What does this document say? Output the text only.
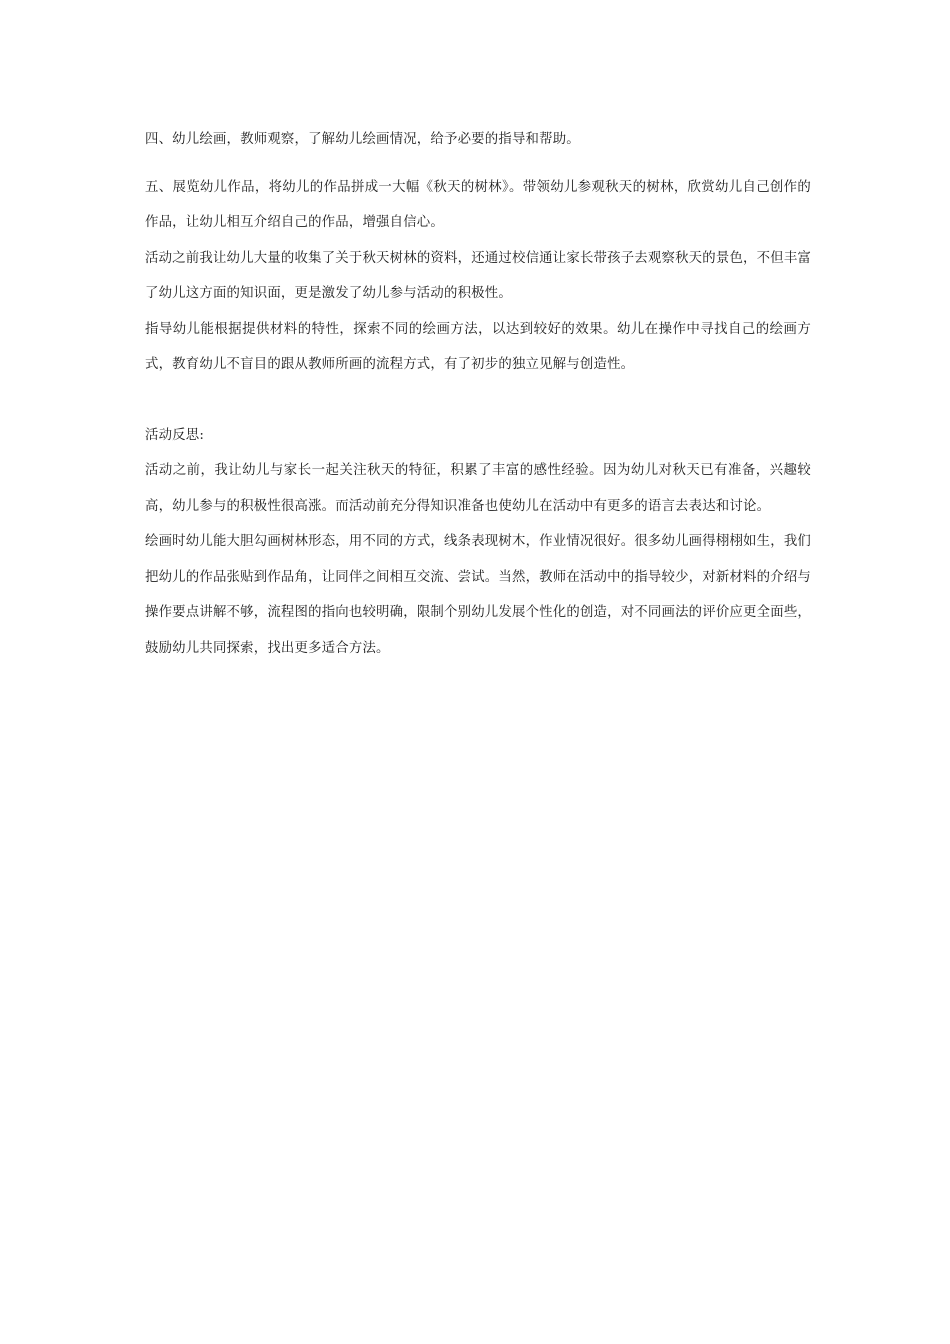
四、幼儿绘画，教师观察，了解幼儿绘画情况，给予必要的指导和帮助。

五、展览幼儿作品，将幼儿的作品拼成一大幅《秋天的树林》。带领幼儿参观秋天的树林，欣赏幼儿自己创作的作品，让幼儿相互介绍自己的作品，增强自信心。

活动之前我让幼儿大量的收集了关于秋天树林的资料，还通过校信通让家长带孩子去观察秋天的景色，不但丰富了幼儿这方面的知识面，更是激发了幼儿参与活动的积极性。

指导幼儿能根据提供材料的特性，探索不同的绘画方法，以达到较好的效果。幼儿在操作中寻找自己的绘画方式，教育幼儿不盲目的跟从教师所画的流程方式，有了初步的独立见解与创造性。

活动反思:

活动之前，我让幼儿与家长一起关注秋天的特征，积累了丰富的感性经验。因为幼儿对秋天已有准备，兴趣较高，幼儿参与的积极性很高涨。而活动前充分得知识准备也使幼儿在活动中有更多的语言去表达和讨论。

绘画时幼儿能大胆勾画树林形态，用不同的方式，线条表现树木，作业情况很好。很多幼儿画得栩栩如生，我们把幼儿的作品张贴到作品角，让同伴之间相互交流、尝试。当然，教师在活动中的指导较少，对新材料的介绍与操作要点讲解不够，流程图的指向也较明确，限制个别幼儿发展个性化的创造，对不同画法的评价应更全面些，鼓励幼儿共同探索，找出更多适合方法。
